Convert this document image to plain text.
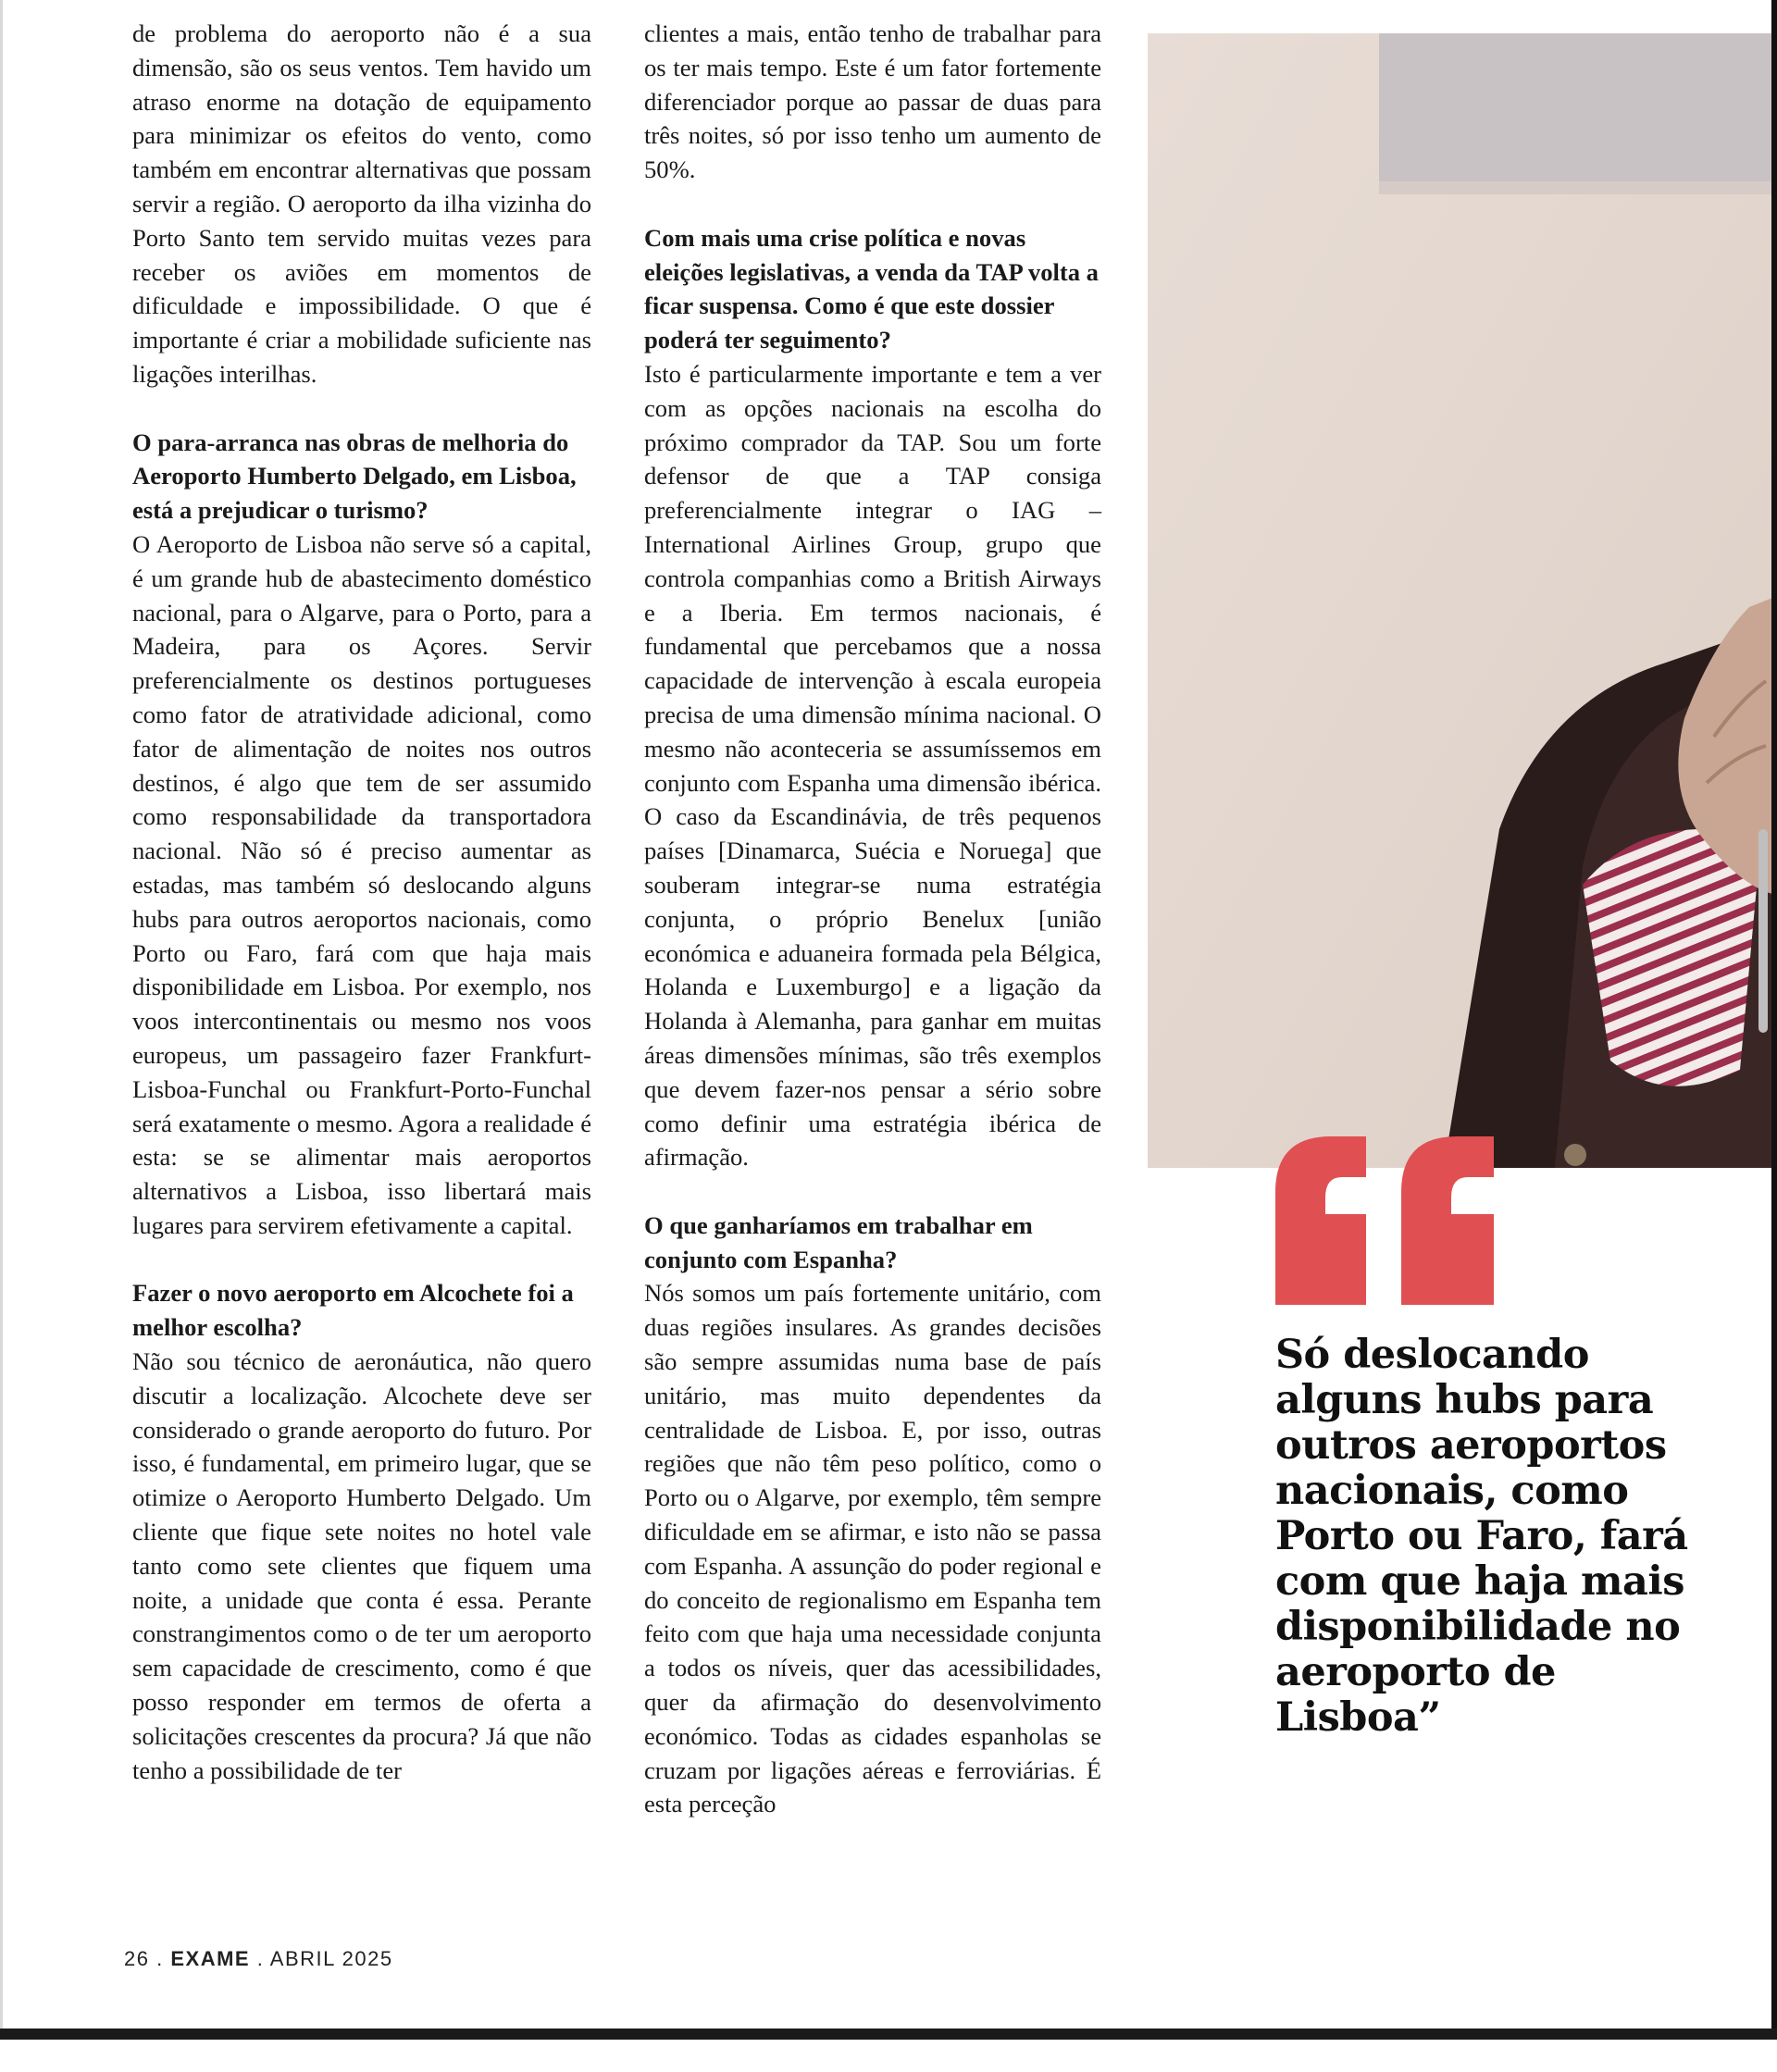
de problema do aeroporto não é a sua dimensão, são os seus ventos. Tem havido um atraso enorme na dotação de equipamento para minimizar os efeitos do vento, como também em encontrar alternativas que possam servir a região. O aeroporto da ilha vizinha do Porto Santo tem servido muitas vezes para receber os aviões em momentos de dificuldade e impossibilidade. O que é importante é criar a mobilidade suficiente nas ligações interilhas.

O para-arranca nas obras de melhoria do Aeroporto Humberto Delgado, em Lisboa, está a prejudicar o turismo?

O Aeroporto de Lisboa não serve só a capital, é um grande hub de abastecimento doméstico nacional, para o Algarve, para o Porto, para a Madeira, para os Açores. Servir preferencialmente os destinos portugueses como fator de atratividade adicional, como fator de alimentação de noites nos outros destinos, é algo que tem de ser assumido como responsabilidade da transportadora nacional. Não só é preciso aumentar as estadas, mas também só deslocando alguns hubs para outros aeroportos nacionais, como Porto ou Faro, fará com que haja mais disponibilidade em Lisboa. Por exemplo, nos voos intercontinentais ou mesmo nos voos europeus, um passageiro fazer Frankfurt-Lisboa-Funchal ou Frankfurt-Porto-Funchal será exatamente o mesmo. Agora a realidade é esta: se se alimentar mais aeroportos alternativos a Lisboa, isso libertará mais lugares para servirem efetivamente a capital.

Fazer o novo aeroporto em Alcochete foi a melhor escolha?

Não sou técnico de aeronáutica, não quero discutir a localização. Alcochete deve ser considerado o grande aeroporto do futuro. Por isso, é fundamental, em primeiro lugar, que se otimize o Aeroporto Humberto Delgado. Um cliente que fique sete noites no hotel vale tanto como sete clientes que fiquem uma noite, a unidade que conta é essa. Perante constrangimentos como o de ter um aeroporto sem capacidade de crescimento, como é que posso responder em termos de oferta a solicitações crescentes da procura? Já que não tenho a possibilidade de ter

clientes a mais, então tenho de trabalhar para os ter mais tempo. Este é um fator fortemente diferenciador porque ao passar de duas para três noites, só por isso tenho um aumento de 50%.

Com mais uma crise política e novas eleições legislativas, a venda da TAP volta a ficar suspensa. Como é que este dossier poderá ter seguimento?

Isto é particularmente importante e tem a ver com as opções nacionais na escolha do próximo comprador da TAP. Sou um forte defensor de que a TAP consiga preferencialmente integrar o IAG – International Airlines Group, grupo que controla companhias como a British Airways e a Iberia. Em termos nacionais, é fundamental que percebamos que a nossa capacidade de intervenção à escala europeia precisa de uma dimensão mínima nacional. O mesmo não aconteceria se assumíssemos em conjunto com Espanha uma dimensão ibérica. O caso da Escandinávia, de três pequenos países [Dinamarca, Suécia e Noruega] que souberam integrar-se numa estratégia conjunta, o próprio Benelux [união económica e aduaneira formada pela Bélgica, Holanda e Luxemburgo] e a ligação da Holanda à Alemanha, para ganhar em muitas áreas dimensões mínimas, são três exemplos que devem fazer-nos pensar a sério sobre como definir uma estratégia ibérica de afirmação.

O que ganharíamos em trabalhar em conjunto com Espanha?

Nós somos um país fortemente unitário, com duas regiões insulares. As grandes decisões são sempre assumidas numa base de país unitário, mas muito dependentes da centralidade de Lisboa. E, por isso, outras regiões que não têm peso político, como o Porto ou o Algarve, por exemplo, têm sempre dificuldade em se afirmar, e isto não se passa com Espanha. A assunção do poder regional e do conceito de regionalismo em Espanha tem feito com que haja uma necessidade conjunta a todos os níveis, quer das acessibilidades, quer da afirmação do desenvolvimento económico. Todas as cidades espanholas se cruzam por ligações aéreas e ferroviárias. É esta perceção

Só deslocando alguns hubs para outros aeroportos nacionais, como Porto ou Faro, fará com que haja mais disponibilidade no aeroporto de Lisboa”
26 . EXAME . ABRIL 2025
